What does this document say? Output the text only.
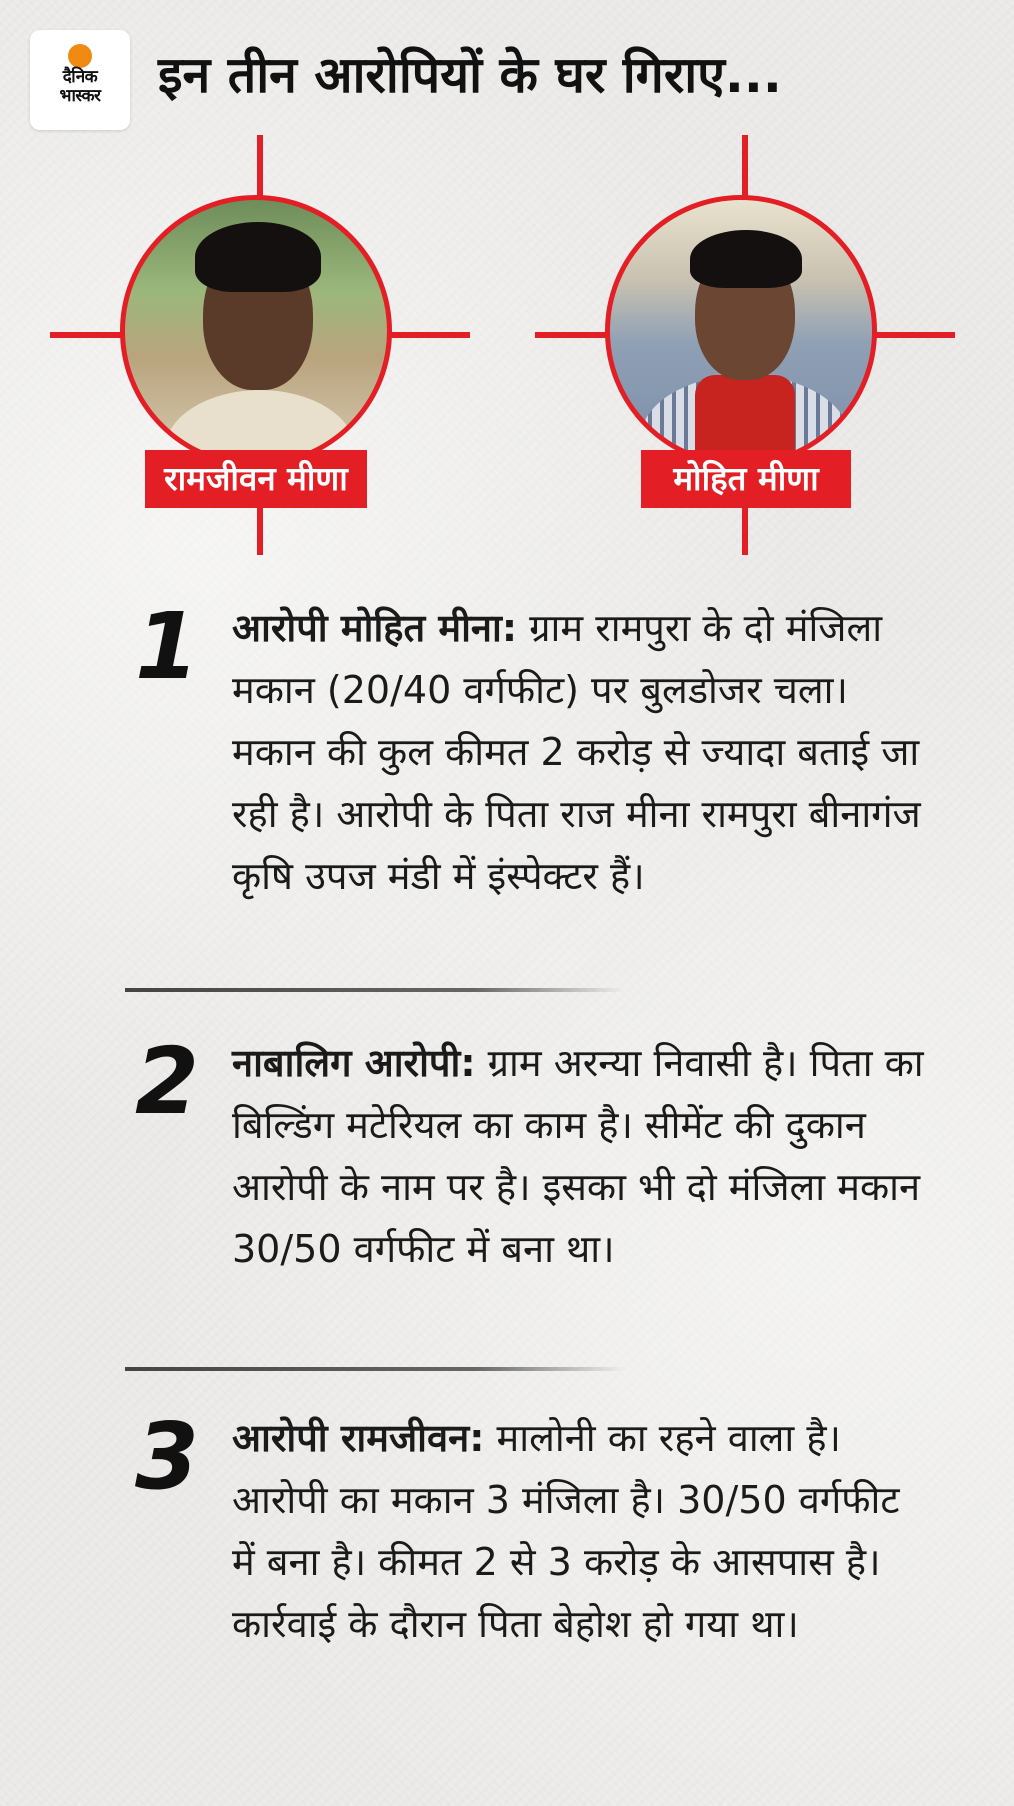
दैनिक
भास्कर इन तीन आरोपियों के घर गिराए...
रामजीवन मीणा	मोहित मीणा
1 आरोपी मोहित मीना: ग्राम रामपुरा के दो मंजिला मकान (20/40 वर्गफीट) पर बुलडोजर चला। मकान की कुल कीमत 2 करोड़ से ज्यादा बताई जा रही है। आरोपी के पिता राज मीना रामपुरा बीनागंज कृषि उपज मंडी में इंस्पेक्टर हैं।
2 नाबालिग आरोपी: ग्राम अरन्या निवासी है। पिता का बिल्डिंग मटेरियल का काम है। सीमेंट की दुकान आरोपी के नाम पर है। इसका भी दो मंजिला मकान 30/50 वर्गफीट में बना था।
3 आरोपी रामजीवन: मालोनी का रहने वाला है। आरोपी का मकान 3 मंजिला है। 30/50 वर्गफीट में बना है। कीमत 2 से 3 करोड़ के आसपास है। कार्रवाई के दौरान पिता बेहोश हो गया था।
